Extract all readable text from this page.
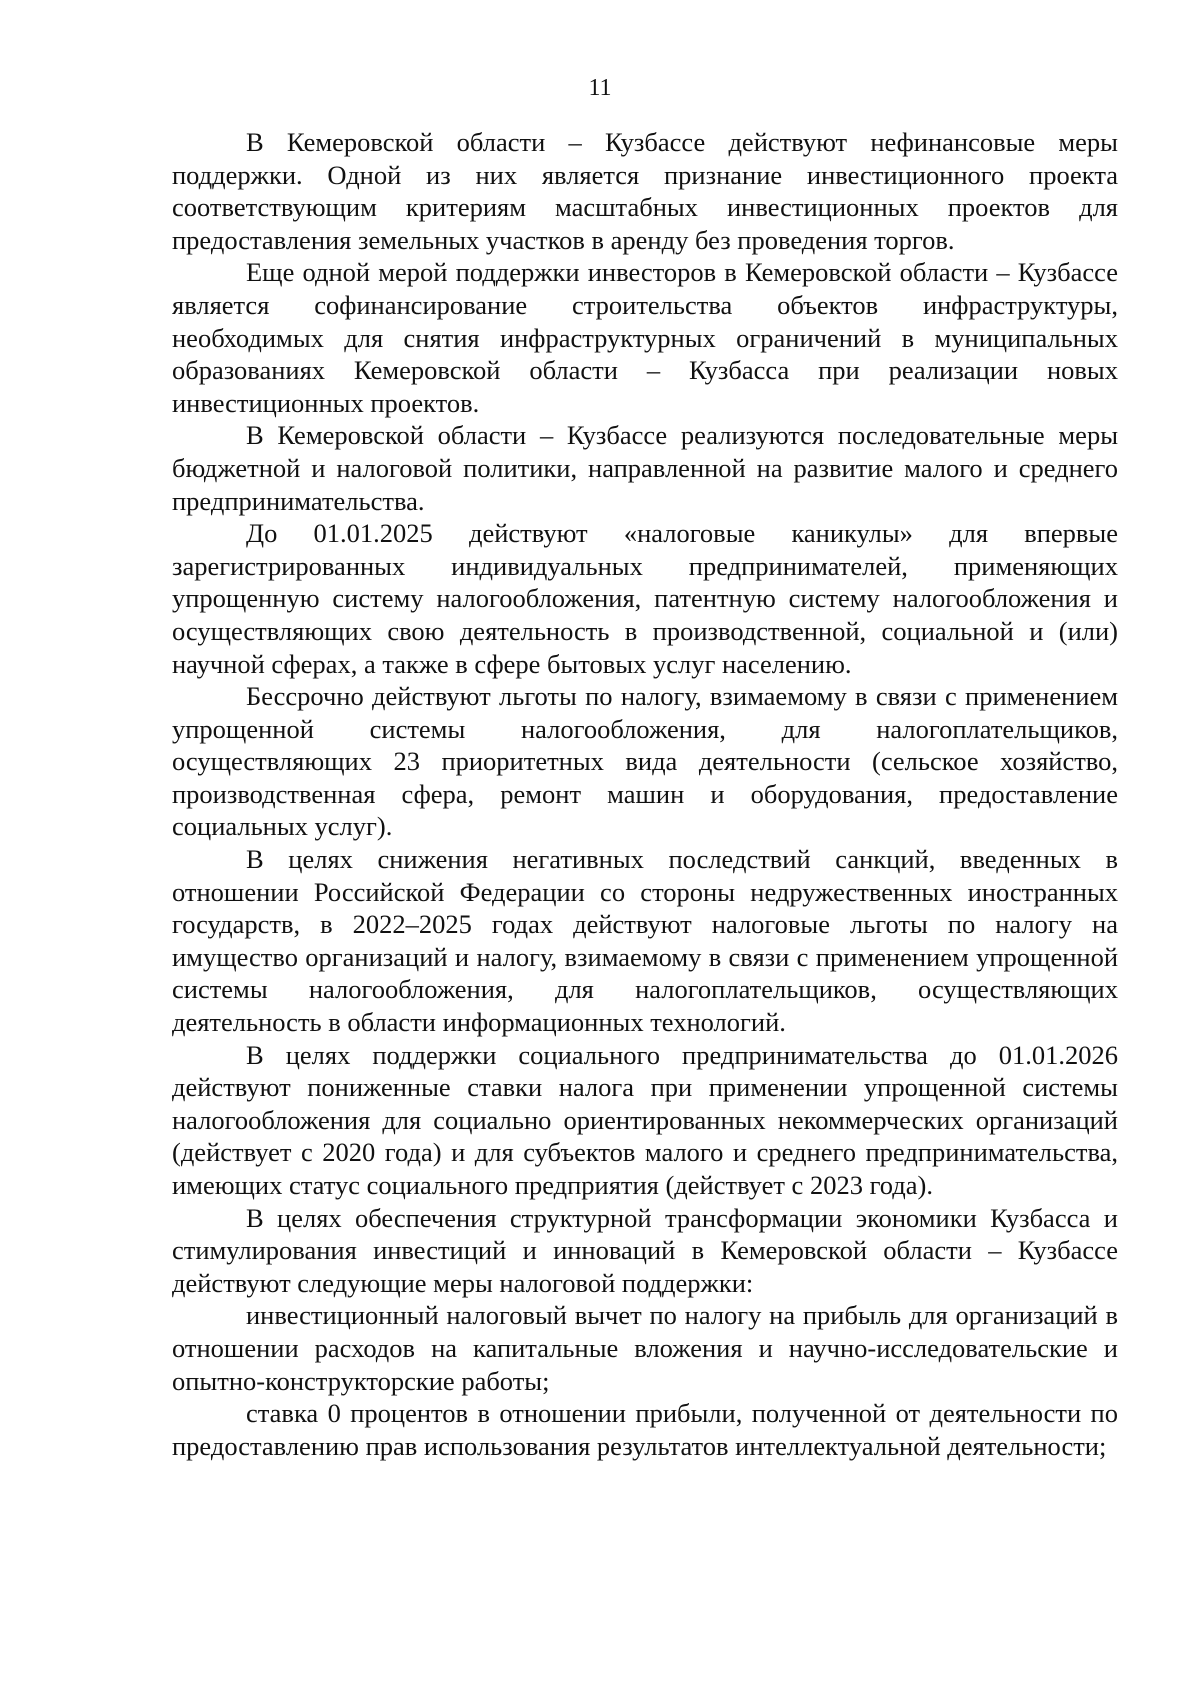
11

В Кемеровской области – Кузбассе действуют нефинансовые меры поддержки. Одной из них является признание инвестиционного проекта соответствующим критериям масштабных инвестиционных проектов для предоставления земельных участков в аренду без проведения торгов.

Еще одной мерой поддержки инвесторов в Кемеровской области – Кузбассе является софинансирование строительства объектов инфраструктуры, необходимых для снятия инфраструктурных ограничений в муниципальных образованиях Кемеровской области – Кузбасса при реализации новых инвестиционных проектов.

В Кемеровской области – Кузбассе реализуются последовательные меры бюджетной и налоговой политики, направленной на развитие малого и среднего предпринимательства.

До 01.01.2025 действуют «налоговые каникулы» для впервые зарегистрированных индивидуальных предпринимателей, применяющих упрощенную систему налогообложения, патентную систему налогообложения и осуществляющих свою деятельность в производственной, социальной и (или) научной сферах, а также в сфере бытовых услуг населению.

Бессрочно действуют льготы по налогу, взимаемому в связи с применением упрощенной системы налогообложения, для налогоплательщиков, осуществляющих 23 приоритетных вида деятельности (сельское хозяйство, производственная сфера, ремонт машин и оборудования, предоставление социальных услуг).

В целях снижения негативных последствий санкций, введенных в отношении Российской Федерации со стороны недружественных иностранных государств, в 2022–2025 годах действуют налоговые льготы по налогу на имущество организаций и налогу, взимаемому в связи с применением упрощенной системы налогообложения, для налогоплательщиков, осуществляющих деятельность в области информационных технологий.

В целях поддержки социального предпринимательства до 01.01.2026 действуют пониженные ставки налога при применении упрощенной системы налогообложения для социально ориентированных некоммерческих организаций (действует с 2020 года) и для субъектов малого и среднего предпринимательства, имеющих статус социального предприятия (действует с 2023 года).

В целях обеспечения структурной трансформации экономики Кузбасса и стимулирования инвестиций и инноваций в Кемеровской области – Кузбассе действуют следующие меры налоговой поддержки:

инвестиционный налоговый вычет по налогу на прибыль для организаций в отношении расходов на капитальные вложения и научно-исследовательские и опытно-конструкторские работы;

ставка 0 процентов в отношении прибыли, полученной от деятельности по предоставлению прав использования результатов интеллектуальной деятельности;
